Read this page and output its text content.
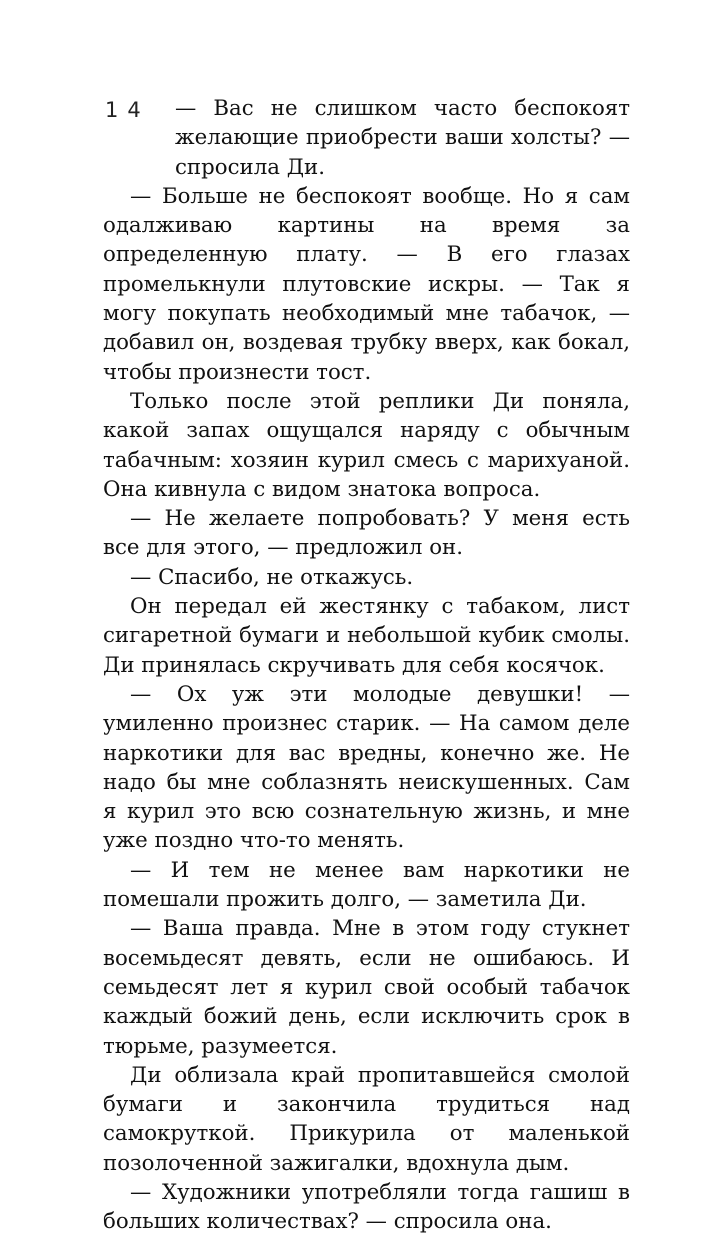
14 — Вас не слишком часто беспокоят желающие приобрести ваши холсты? — спросила Ди.

— Больше не беспокоят вообще. Но я сам одалживаю картины на время за определенную плату. — В его глазах промелькнули плутовские искры. — Так я могу покупать необходимый мне табачок, — добавил он, воздевая трубку вверх, как бокал, чтобы произнести тост.

Только после этой реплики Ди поняла, какой запах ощущался наряду с обычным табачным: хозяин курил смесь с марихуаной. Она кивнула с видом знатока вопроса.

— Не желаете попробовать? У меня есть все для этого, — предложил он.

— Спасибо, не откажусь.

Он передал ей жестянку с табаком, лист сигаретной бумаги и небольшой кубик смолы. Ди принялась скручивать для себя косячок.

— Ох уж эти молодые девушки! — умиленно произнес старик. — На самом деле наркотики для вас вредны, конечно же. Не надо бы мне соблазнять неискушенных. Сам я курил это всю сознательную жизнь, и мне уже поздно что-то менять.

— И тем не менее вам наркотики не помешали прожить долго, — заметила Ди.

— Ваша правда. Мне в этом году стукнет восемьдесят девять, если не ошибаюсь. И семьдесят лет я курил свой особый табачок каждый божий день, если исключить срок в тюрьме, разумеется.

Ди облизала край пропитавшейся смолой бумаги и закончила трудиться над самокруткой. Прикурила от маленькой позолоченной зажигалки, вдохнула дым.

— Художники употребляли тогда гашиш в больших количествах? — спросила она.
